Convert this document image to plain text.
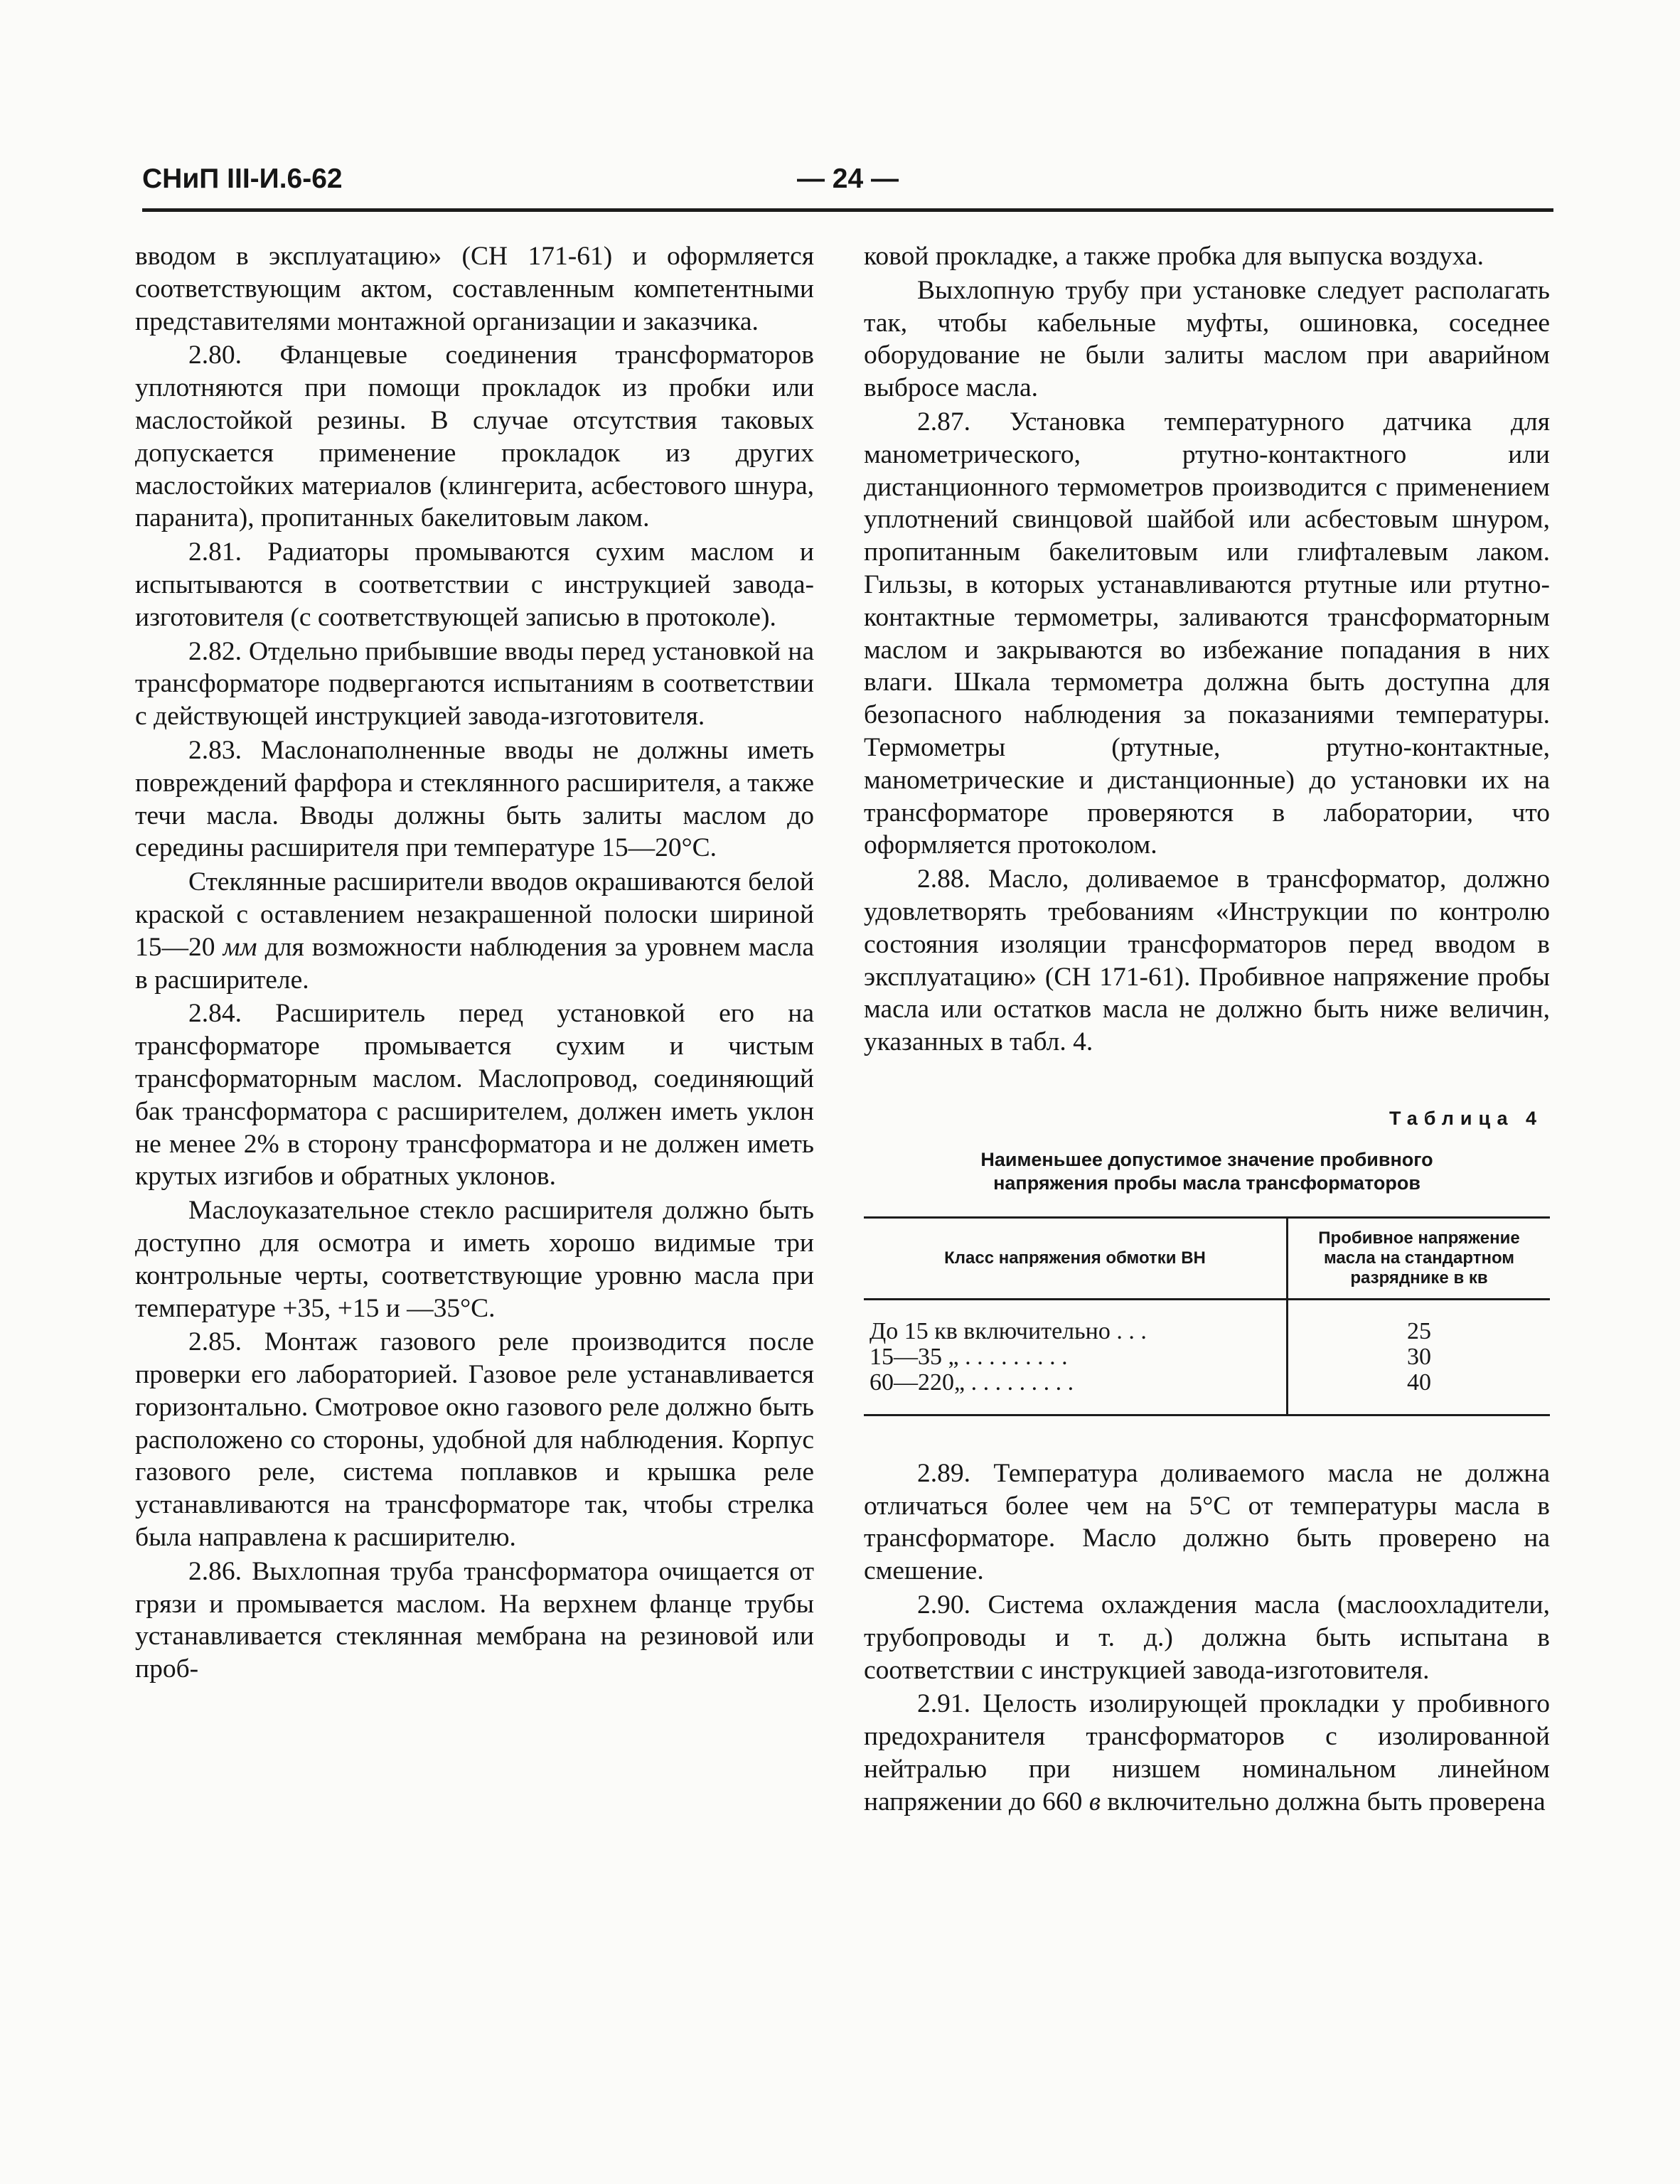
СНиП III-И.6-62	— 24 —

вводом в эксплуатацию» (СН 171-61) и оформляется соответствующим актом, составленным компетентными представителями монтажной организации и заказчика.

2.80. Фланцевые соединения трансформаторов уплотняются при помощи прокладок из пробки или маслостойкой резины. В случае отсутствия таковых допускается применение прокладок из других маслостойких материалов (клингерита, асбестового шнура, паранита), пропитанных бакелитовым лаком.

2.81. Радиаторы промываются сухим маслом и испытываются в соответствии с инструкцией завода-изготовителя (с соответствующей записью в протоколе).

2.82. Отдельно прибывшие вводы перед установкой на трансформаторе подвергаются испытаниям в соответствии с действующей инструкцией завода-изготовителя.

2.83. Маслонаполненные вводы не должны иметь повреждений фарфора и стеклянного расширителя, а также течи масла. Вводы должны быть залиты маслом до середины расширителя при температуре 15—20°С.

Стеклянные расширители вводов окрашиваются белой краской с оставлением незакрашенной полоски шириной 15—20 мм для возможности наблюдения за уровнем масла в расширителе.

2.84. Расширитель перед установкой его на трансформаторе промывается сухим и чистым трансформаторным маслом. Маслопровод, соединяющий бак трансформатора с расширителем, должен иметь уклон не менее 2% в сторону трансформатора и не должен иметь крутых изгибов и обратных уклонов.

Маслоуказательное стекло расширителя должно быть доступно для осмотра и иметь хорошо видимые три контрольные черты, соответствующие уровню масла при температуре +35, +15 и —35°С.

2.85. Монтаж газового реле производится после проверки его лабораторией. Газовое реле устанавливается горизонтально. Смотровое окно газового реле должно быть расположено со стороны, удобной для наблюдения. Корпус газового реле, система поплавков и крышка реле устанавливаются на трансформаторе так, чтобы стрелка была направлена к расширителю.

2.86. Выхлопная труба трансформатора очищается от грязи и промывается маслом. На верхнем фланце трубы устанавливается стеклянная мембрана на резиновой или проб-

ковой прокладке, а также пробка для выпуска воздуха.

Выхлопную трубу при установке следует располагать так, чтобы кабельные муфты, ошиновка, соседнее оборудование не были залиты маслом при аварийном выбросе масла.

2.87. Установка температурного датчика для манометрического, ртутно-контактного или дистанционного термометров производится с применением уплотнений свинцовой шайбой или асбестовым шнуром, пропитанным бакелитовым или глифталевым лаком. Гильзы, в которых устанавливаются ртутные или ртутно-контактные термометры, заливаются трансформаторным маслом и закрываются во избежание попадания в них влаги. Шкала термометра должна быть доступна для безопасного наблюдения за показаниями температуры. Термометры (ртутные, ртутно-контактные, манометрические и дистанционные) до установки их на трансформаторе проверяются в лаборатории, что оформляется протоколом.

2.88. Масло, доливаемое в трансформатор, должно удовлетворять требованиям «Инструкции по контролю состояния изоляции трансформаторов перед вводом в эксплуатацию» (СН 171-61). Пробивное напряжение пробы масла или остатков масла не должно быть ниже величин, указанных в табл. 4.

Таблица 4
Наименьшее допустимое значение пробивного
напряжения пробы масла трансформаторов
Класс напряжения обмотки ВН	Пробивное напряжение масла на стандартном разряднике в кв
До 15 кв включительно . . .	25
15—35 „ . . . . . . . . .	30
60—220„ . . . . . . . . .	40

2.89. Температура доливаемого масла не должна отличаться более чем на 5°С от температуры масла в трансформаторе. Масло должно быть проверено на смешение.

2.90. Система охлаждения масла (маслоохладители, трубопроводы и т. д.) должна быть испытана в соответствии с инструкцией завода-изготовителя.

2.91. Целость изолирующей прокладки у пробивного предохранителя трансформаторов с изолированной нейтралью при низшем номинальном линейном напряжении до 660 в включительно должна быть проверена
